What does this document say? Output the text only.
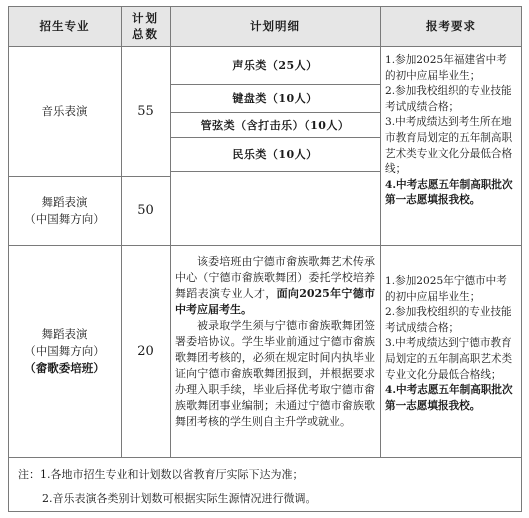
招生专业
计划
总数
计划明细	报考要求
音乐表演	55
声乐类（25人）
键盘类（10人）
管弦类（含打击乐）（10人）
民乐类（10人）
舞蹈表演
（中国舞方向）
50
1.参加2025年福建省中考的初中应届毕业生；
2.参加我校组织的专业技能考试成绩合格；
3.中考成绩达到考生所在地市教育局划定的五年制高职艺术类专业文化分最低合格线；
4.中考志愿五年制高职批次第一志愿填报我校。
舞蹈表演
（中国舞方向）
（畲歌委培班）
20
该委培班由宁德市畲族歌舞艺术传承中心（宁德市畲族歌舞团）委托学校培养舞蹈表演专业人才，面向2025年宁德市中考应届考生。
被录取学生须与宁德市畲族歌舞团签署委培协议。学生毕业前通过宁德市畲族歌舞团考核的，必须在规定时间内执毕业证向宁德市畲族歌舞团报到，并根据要求办理入职手续，毕业后择优考取宁德市畲族歌舞团事业编制；未通过宁德市畲族歌舞团考核的学生则自主升学或就业。
1.参加2025年宁德市中考的初中应届毕业生；
2.参加我校组织的专业技能考试成绩合格；
3.中考成绩达到宁德市教育局划定的五年制高职艺术类专业文化分最低合格线；
4.中考志愿五年制高职批次第一志愿填报我校。
注：1.各地市招生专业和计划数以省教育厅实际下达为准；
2.音乐表演各类别计划数可根据实际生源情况进行微调。
